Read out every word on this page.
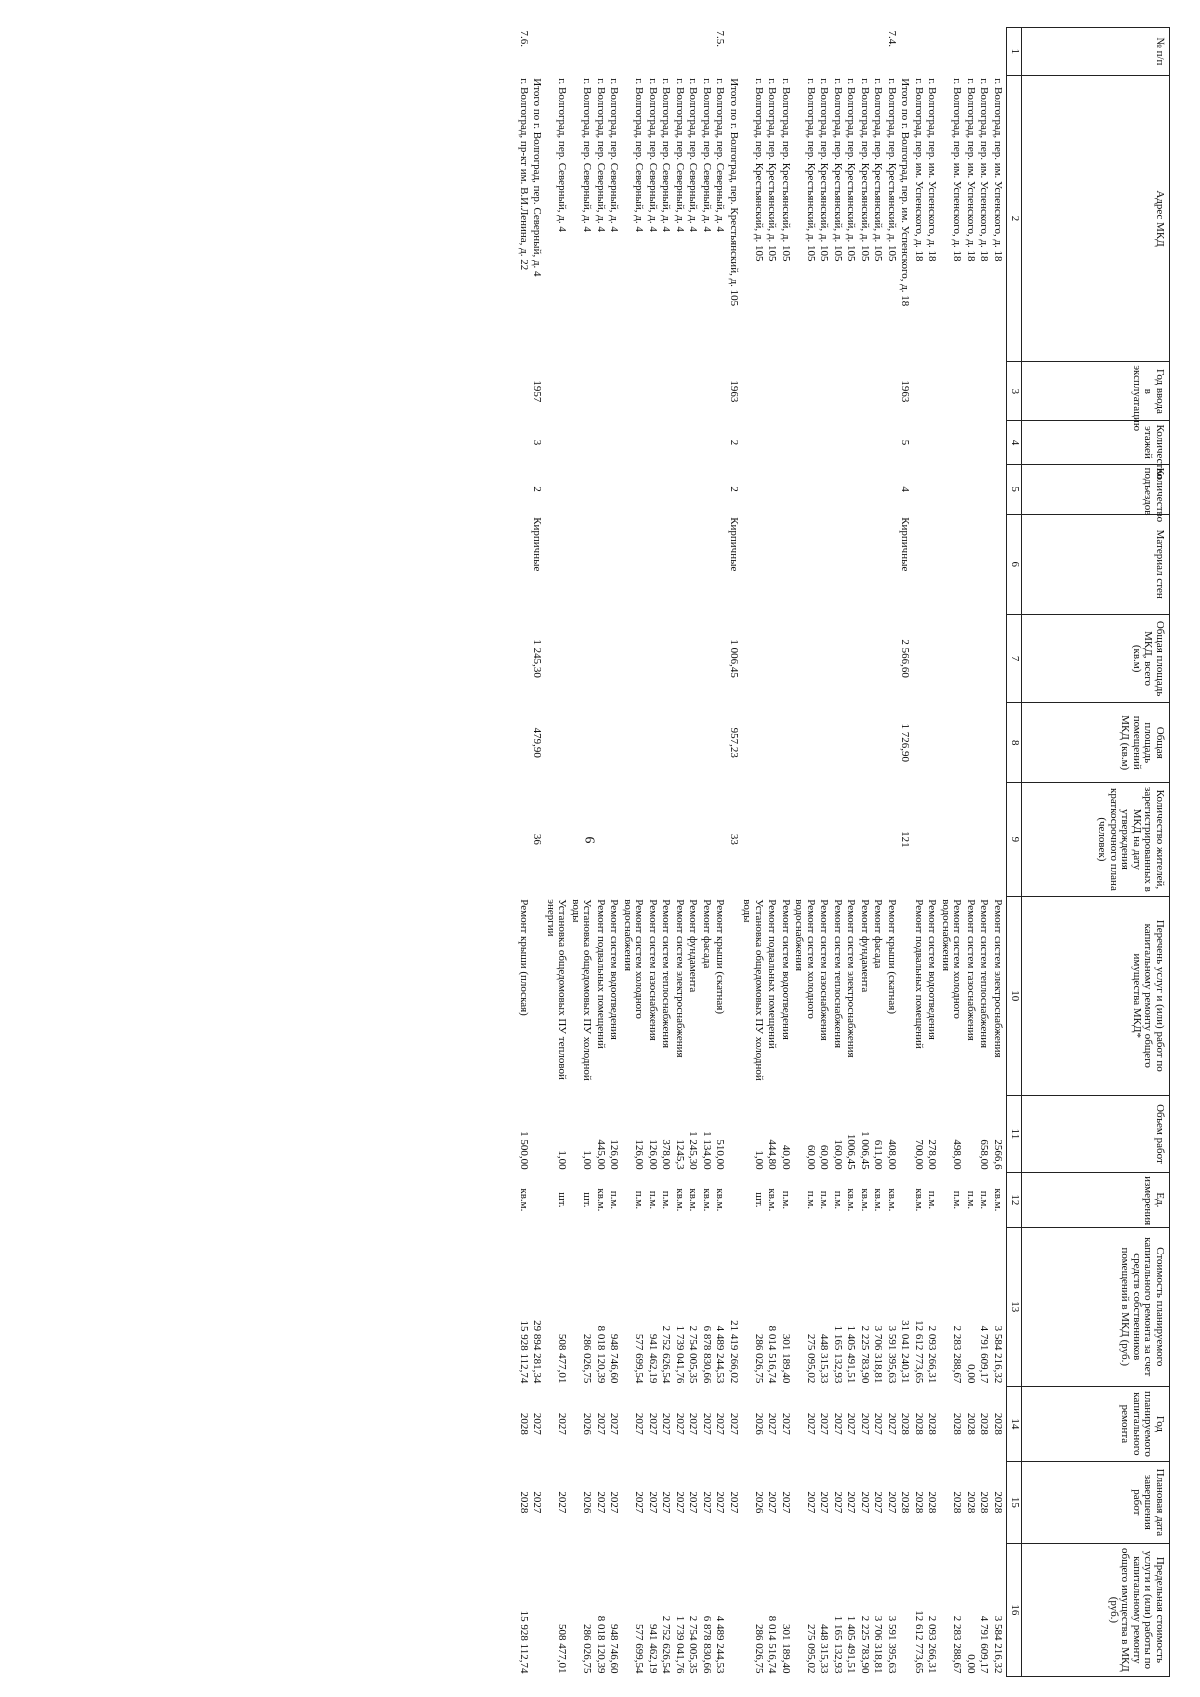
9
№ п/п	Адрес МКД	Год ввода в эксплуатацию	Количество этажей	Количество подъездов	Материал стен	Общая площадь МКД, всего (кв.м)	Общая площадь помещений МКД (кв.м)	Количество жителей, зарегистрированных в МКД на дату утверждения краткосрочного плана (человек)	Перечень услуг и (или) работ по капитальному ремонту общего имущества МКД*	Объем работ	Ед. измерения	Стоимость планируемого капитального ремонта за счет средств собственников помещений в МКД (руб.)	Год планируемого капитального ремонта	Плановая дата завершения работ	Предельная стоимость услуги и (или) работы по капитальному ремонту общего имущества в МКД (руб.)
1	2	3	4	5	6	7	8	9	10	11	12	13	14	15	16
	г. Волгоград, пер. им. Успенского, д. 18								Ремонт систем электроснабжения	2566,6	кв.м.	3 584 216,32	2028	2028	3 584 216,32
	г. Волгоград, пер. им. Успенского, д. 18								Ремонт систем теплоснабжения	658,00	п.м.	4 791 609,17	2028	2028	4 791 609,17
	г. Волгоград, пер. им. Успенского, д. 18								Ремонт систем газоснабжения		п.м.	0,00	2028	2028	0,00
	г. Волгоград, пер. им. Успенского, д. 18								Ремонт систем холодного водоснабжения	498,00	п.м.	2 283 288,67	2028	2028	2 283 288,67
	г. Волгоград, пер. им. Успенского, д. 18								Ремонт систем водоотведения	278,00	п.м.	2 093 266,31	2028	2028	2 093 266,31
	г. Волгоград, пер. им. Успенского, д. 18								Ремонт подвальных помещений	700,00	кв.м.	12 612 773,65	2028	2028	12 612 773,65
	Итого по г. Волгоград, пер. им. Успенского, д. 18	1963	5	4	Кирпичные	2 566,60	1 726,90	121				31 041 240,31	2028	2028	
7.4.	г. Волгоград, пер. Крестьянский, д. 105								Ремонт крыши (скатная)	408,00	кв.м.	3 591 395,63	2027	2027	3 591 395,63
	г. Волгоград, пер. Крестьянский, д. 105								Ремонт фасада	611,00	кв.м.	3 706 318,81	2027	2027	3 706 318,81
	г. Волгоград, пер. Крестьянский, д. 105								Ремонт фундамента	1 006,45	кв.м.	2 225 783,90	2027	2027	2 225 783,90
	г. Волгоград, пер. Крестьянский, д. 105								Ремонт систем электроснабжения	1006,45	кв.м.	1 405 491,51	2027	2027	1 405 491,51
	г. Волгоград, пер. Крестьянский, д. 105								Ремонт систем теплоснабжения	160,00	п.м.	1 165 132,93	2027	2027	1 165 132,93
	г. Волгоград, пер. Крестьянский, д. 105								Ремонт систем газоснабжения	60,00	п.м.	448 315,33	2027	2027	448 315,33
	г. Волгоград, пер. Крестьянский, д. 105								Ремонт систем холодного водоснабжения	60,00	п.м.	275 095,02	2027	2027	275 095,02
	г. Волгоград, пер. Крестьянский, д. 105								Ремонт систем водоотведения	40,00	п.м.	301 189,40	2027	2027	301 189,40
	г. Волгоград, пер. Крестьянский, д. 105								Ремонт подвальных помещений	444,80	кв.м.	8 014 516,74	2027	2027	8 014 516,74
	г. Волгоград, пер. Крестьянский, д. 105								Установка общедомовых ПУ холодной воды	1,00	шт.	286 026,75	2026	2026	286 026,75
	Итого по г. Волгоград, пер. Крестьянский, д. 105	1963	2	2	Кирпичные	1 006,45	957,23	33				21 419 266,02	2027	2027	
7.5.	г. Волгоград, пер. Северный, д. 4								Ремонт крыши (скатная)	510,00	кв.м.	4 489 244,53	2027	2027	4 489 244,53
	г. Волгоград, пер. Северный, д. 4								Ремонт фасада	1 134,00	кв.м.	6 878 830,66	2027	2027	6 878 830,66
	г. Волгоград, пер. Северный, д. 4								Ремонт фундамента	1 245,30	кв.м.	2 754 005,35	2027	2027	2 754 005,35
	г. Волгоград, пер. Северный, д. 4								Ремонт систем электроснабжения	1245,3	кв.м.	1 739 041,76	2027	2027	1 739 041,76
	г. Волгоград, пер. Северный, д. 4								Ремонт систем теплоснабжения	378,00	п.м.	2 752 626,54	2027	2027	2 752 626,54
	г. Волгоград, пер. Северный, д. 4								Ремонт систем газоснабжения	126,00	п.м.	941 462,19	2027	2027	941 462,19
	г. Волгоград, пер. Северный, д. 4								Ремонт систем холодного водоснабжения	126,00	п.м.	577 699,54	2027	2027	577 699,54
	г. Волгоград, пер. Северный, д. 4								Ремонт систем водоотведения	126,00	п.м.	948 746,60	2027	2027	948 746,60
	г. Волгоград, пер. Северный, д. 4								Ремонт подвальных помещений	445,00	кв.м.	8 018 120,39	2027	2027	8 018 120,39
	г. Волгоград, пер. Северный, д. 4								Установка общедомовых ПУ холодной воды	1,00	шт.	286 026,75	2026	2026	286 026,75
	г. Волгоград, пер. Северный, д. 4								Установка общедомовых ПУ тепловой энергии	1,00	шт.	508 477,01	2027	2027	508 477,01
	Итого по г. Волгоград, пер. Северный, д. 4	1957	3	2	Кирпичные	1 245,30	479,90	36				29 894 281,34	2027	2027	
7.6.	г. Волгоград, пр-кт им. В.И.Ленина, д. 22								Ремонт крыши (плоская)	1 500,00	кв.м.	15 928 112,74	2028	2028	15 928 112,74
